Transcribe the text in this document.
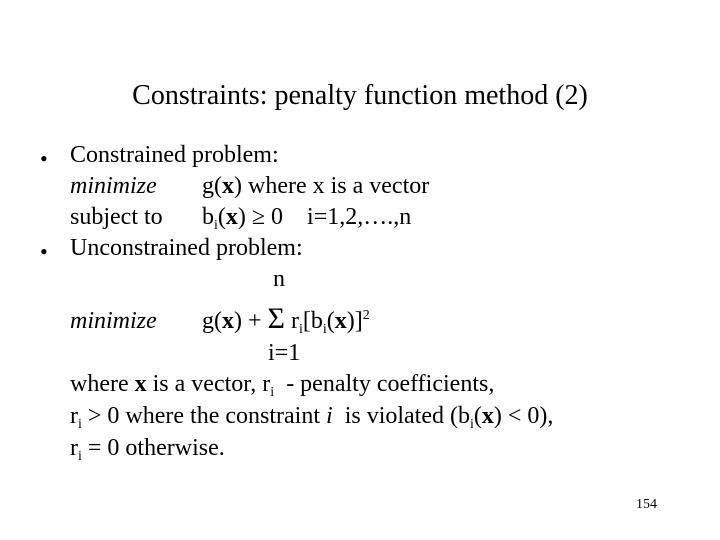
Constraints: penalty function method (2)
• Constrained problem:
minimize g(x) where x is a vector
subject to $b_i(x) \ge 0$    i=1,2,….,n
• Unconstrained problem:
n
minimize g(x) + Σ $r_i[b_i(x)]^2$
i=1
where x is a vector, $r_i$  - penalty coefficients,
$r_i > 0$ where the constraint i  is violated $(b_i(x) < 0)$,
$r_i = 0$ otherwise.
154
